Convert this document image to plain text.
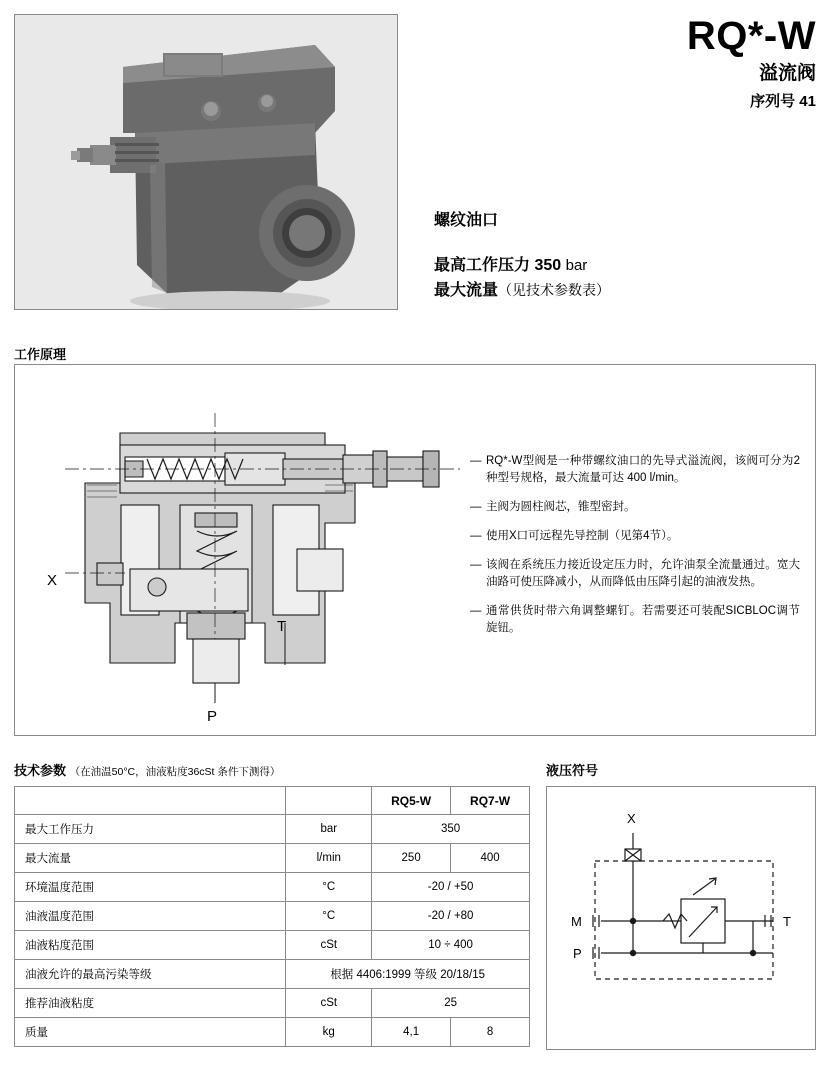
RQ*-W
溢流阀
序列号 41
螺纹油口
最高工作压力 350 bar
最大流量（见技术参数表）
工作原理
X
P
T
— RQ*-W型阀是一种带螺纹油口的先导式溢流阀，该阀可分为2种型号规格，最大流量可达 400 l/min。
— 主阀为圆柱阀芯，锥型密封。
— 使用X口可远程先导控制（见第4节）。
— 该阀在系统压力接近设定压力时，允许油泵全流量通过。宽大油路可使压降减小，从而降低由压降引起的油液发热。
— 通常供货时带六角调整螺钉。若需要还可装配SICBLOC调节旋钮。
技术参数 （在油温50°C，油液粘度36cSt 条件下测得）
		RQ5-W	RQ7-W
最大工作压力	bar	350	
最大流量	l/min	250	400
环境温度范围	°C	-20 / +50	
油液温度范围	°C	-20 / +80	
油液粘度范围	cSt	10 ÷ 400	
油液允许的最高污染等级	根据 4406:1999 等级 20/18/15		
推荐油液粘度	cSt	25	
质量	kg	4,1	8
液压符号
X
M
P
T
